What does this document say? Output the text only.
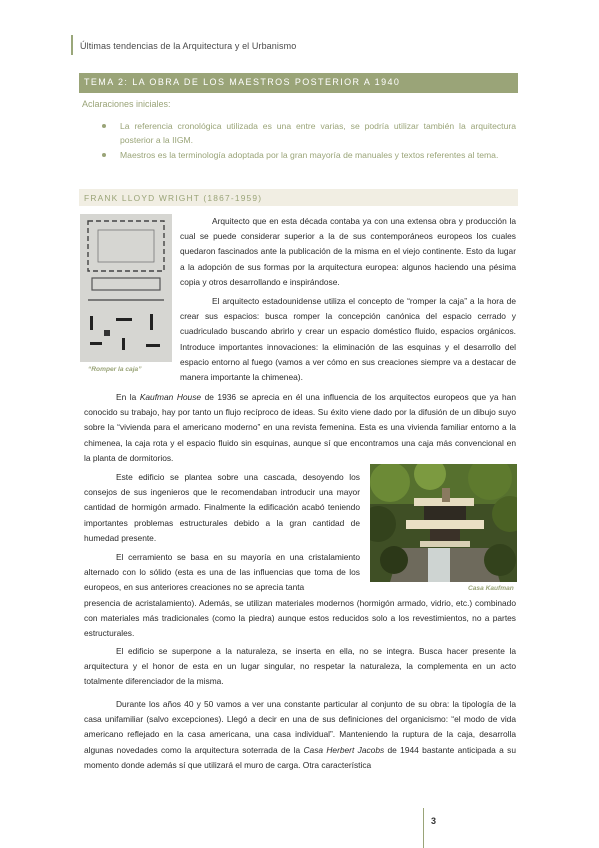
Últimas tendencias de la Arquitectura y el Urbanismo
TEMA 2: LA OBRA DE LOS MAESTROS POSTERIOR A 1940
Aclaraciones iniciales:
La referencia cronológica utilizada es una entre varias, se podría utilizar también la arquitectura posterior a la IIGM.
Maestros es la terminología adoptada por la gran mayoría de manuales y textos referentes al tema.
FRANK LLOYD WRIGHT (1867-1959)
“Romper la caja”
Arquitecto que en esta década contaba ya con una extensa obra y producción la cual se puede considerar superior a la de sus contemporáneos europeos los cuales quedaron fascinados ante la publicación de la misma en el viejo continente. Esto da lugar a la adopción de sus formas por la arquitectura europea: algunos haciendo una pésima copia y otros desarrollando e inspirándose.
El arquitecto estadounidense utiliza el concepto de “romper la caja” a la hora de crear sus espacios: busca romper la concepción canónica del espacio cerrado y cuadriculado buscando abrirlo y crear un espacio doméstico fluido, espacios orgánicos. Introduce importantes innovaciones: la eliminación de las esquinas y el desarrollo del espacio entorno al fuego (vamos a ver cómo en sus creaciones siempre va a destacar de manera importante la chimenea).
En la Kaufman House de 1936 se aprecia en él una influencia de los arquitectos europeos que ya han conocido su trabajo, hay por tanto un flujo recíproco de ideas. Su éxito viene dado por la difusión de un dibujo suyo sobre la “vivienda para el americano moderno” en una revista femenina. Esta es una vivienda familiar entorno a la chimenea, la caja rota y el espacio fluido sin esquinas, aunque sí que encontramos una caja más convencional en la planta de dormitorios.
Este edificio se plantea sobre una cascada, desoyendo los consejos de sus ingenieros que le recomendaban introducir una mayor cantidad de hormigón armado. Finalmente la edificación acabó teniendo importantes problemas estructurales debido a la gran cantidad de humedad presente.
El cerramiento se basa en su mayoría en una cristalamiento alternado con lo sólido (esta es una de las influencias que toma de los europeos, en sus anteriores creaciones no se aprecia tanta
presencia de acristalamiento). Además, se utilizan materiales modernos (hormigón armado, vidrio, etc.) combinado con materiales más tradicionales (como la piedra) aunque estos reducidos solo a los revestimientos, no a partes estructurales.
Casa Kaufman
El edificio se superpone a la naturaleza, se inserta en ella, no se integra. Busca hacer presente la arquitectura y el honor de esta en un lugar singular, no respetar la naturaleza, la complementa en un acto totalmente diferenciador de la misma.
Durante los años 40 y 50 vamos a ver una constante particular al conjunto de su obra: la tipología de la casa unifamiliar (salvo excepciones). Llegó a decir en una de sus definiciones del organicismo: “el modo de vida americano reflejado en la casa americana, una casa individual”. Manteniendo la ruptura de la caja, desarrolla algunas novedades como la arquitectura soterrada de la Casa Herbert Jacobs de 1944 bastante anticipada a su momento donde además sí que utilizará el muro de carga. Otra característica
3
